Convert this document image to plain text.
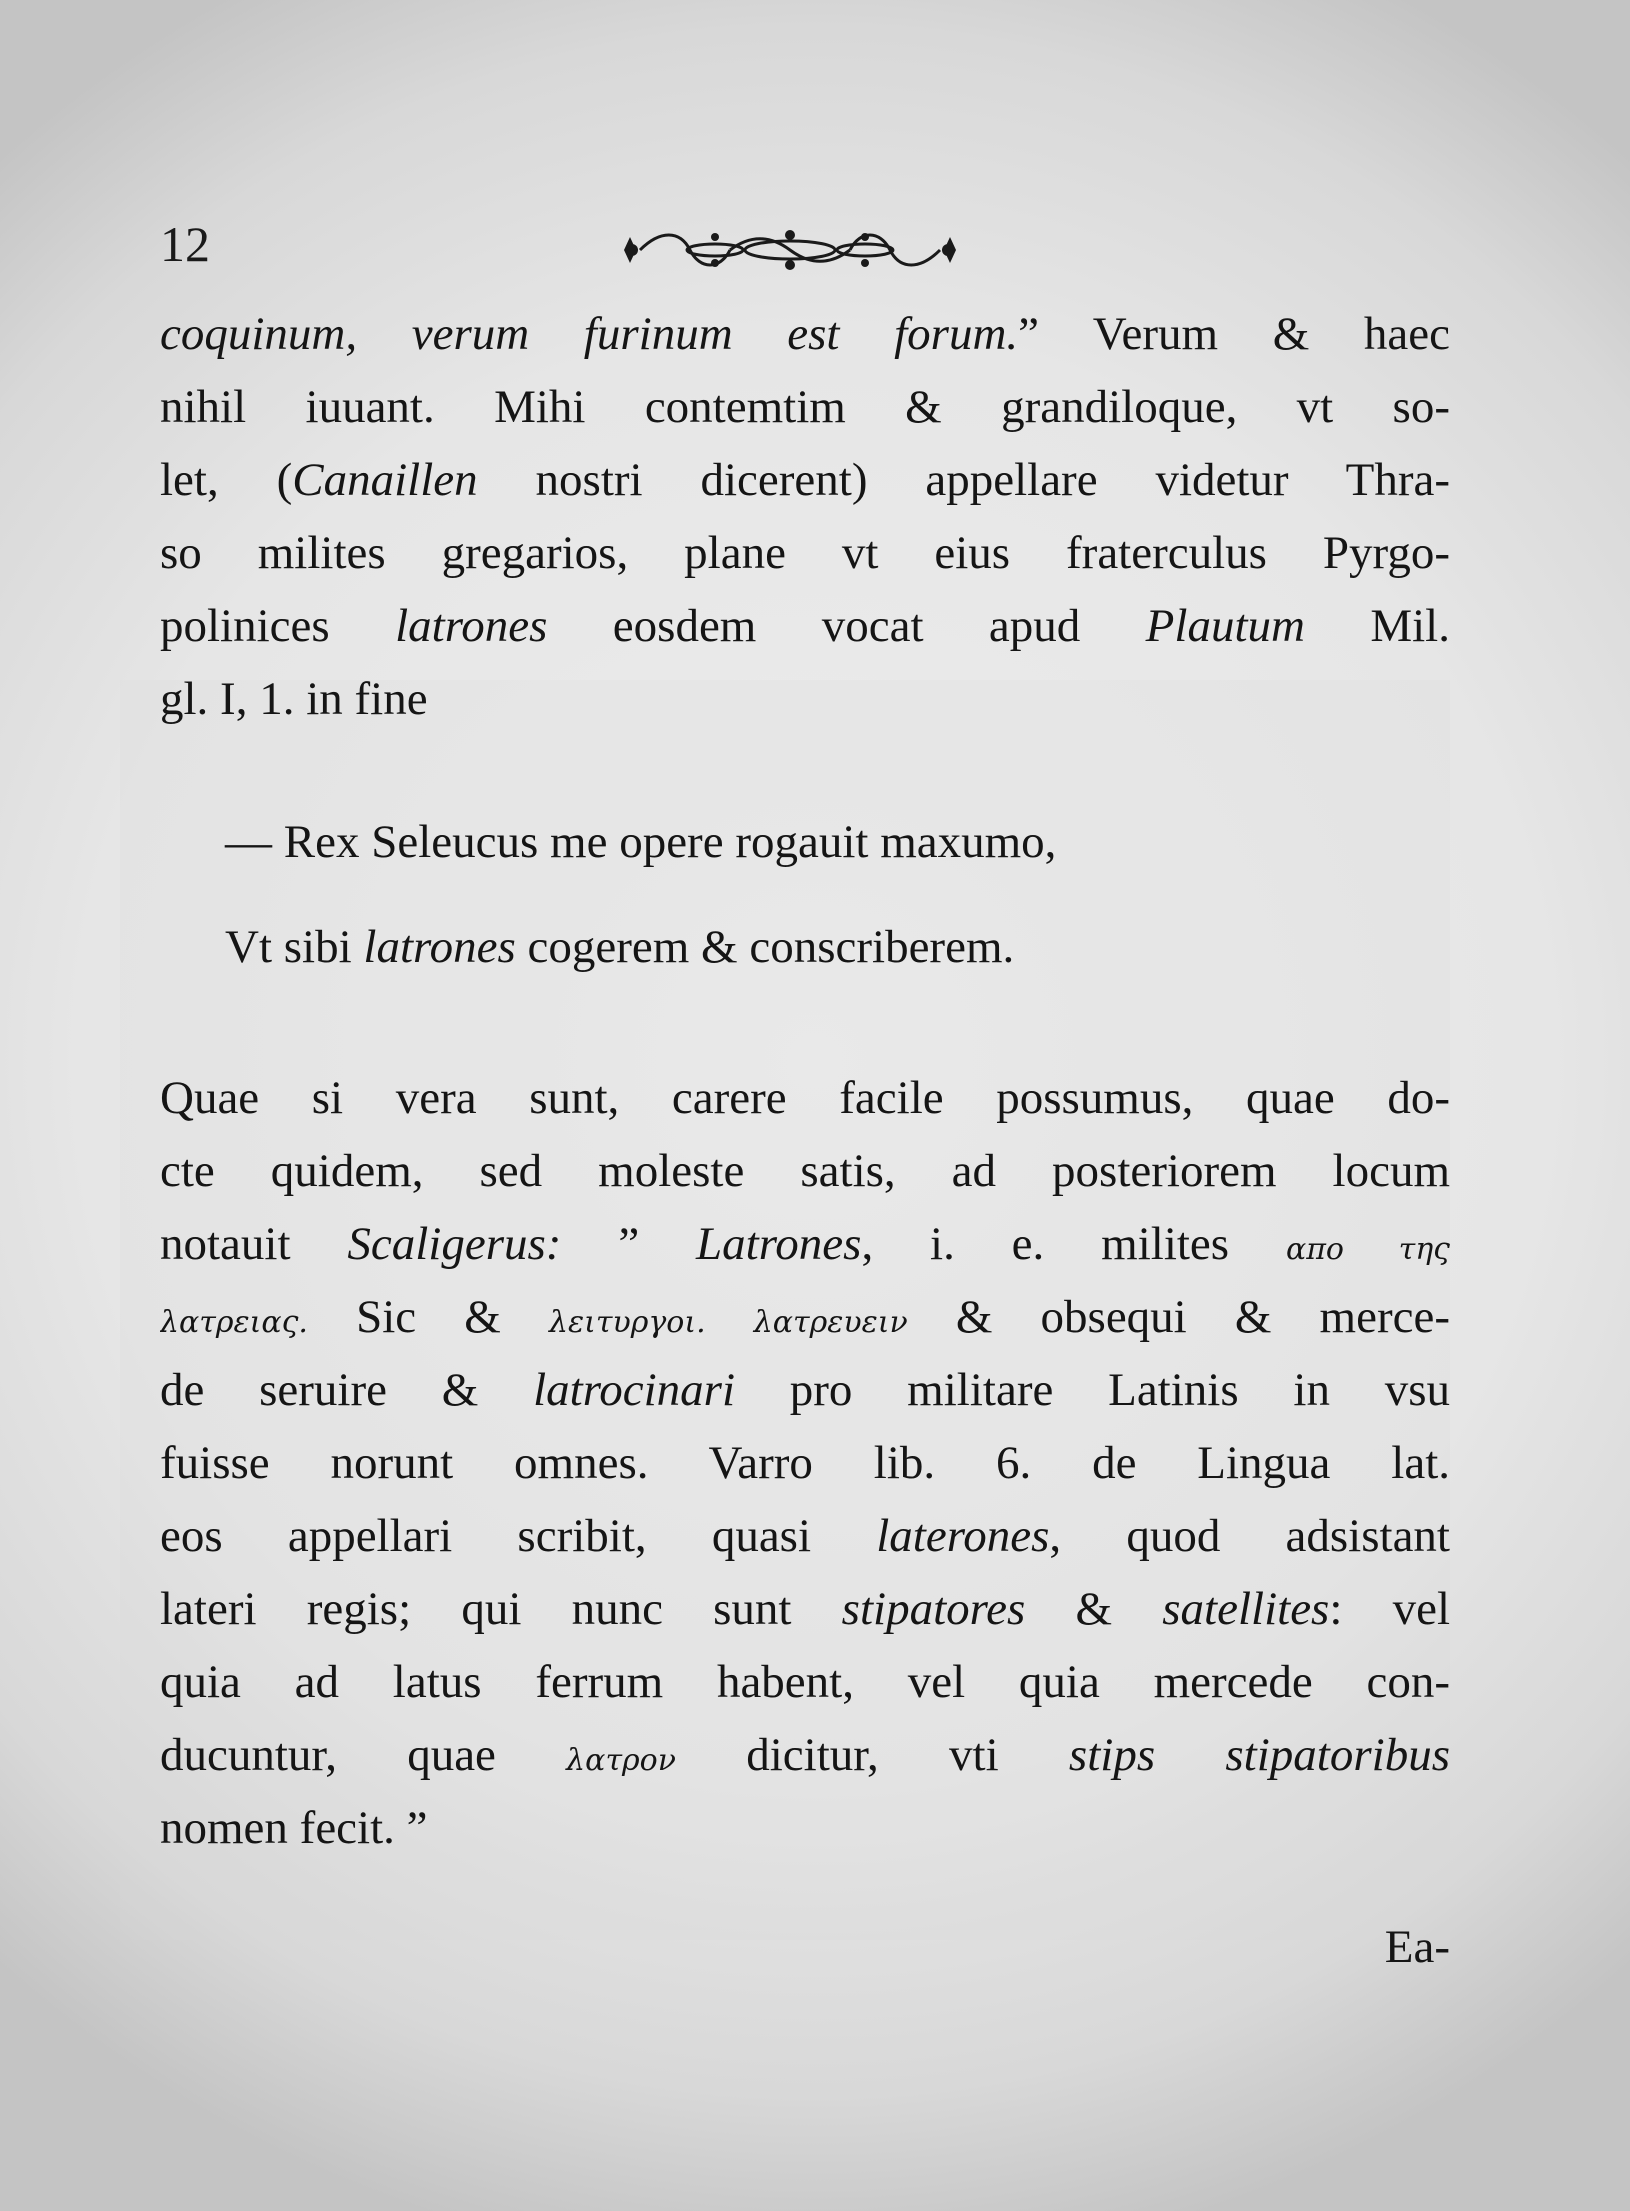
12
coquinum, verum furinum est forum.” Verum & haec
nihil iuuant. Mihi contemtim & grandiloque, vt so-
let, (Canaillen nostri dicerent) appellare videtur Thra-
so milites gregarios, plane vt eius fraterculus Pyrgo-
polinices latrones eosdem vocat apud Plautum Mil.
gl. I, 1. in fine
— Rex Seleucus me opere rogauit maxumo,
Vt sibi latrones cogerem & conscriberem.
Quae si vera sunt, carere facile possumus, quae do-
cte quidem, sed moleste satis, ad posteriorem locum
notauit Scaligerus: ” Latrones, i. e. milites απο της
λατρειας. Sic & λειτυργοι. λατρευειν & obsequi & merce-
de seruire & latrocinari pro militare Latinis in vsu
fuisse norunt omnes. Varro lib. 6. de Lingua lat.
eos appellari scribit, quasi laterones, quod adsistant
lateri regis; qui nunc sunt stipatores & satellites: vel
quia ad latus ferrum habent, vel quia mercede con-
ducuntur, quae λατρον dicitur, vti stips stipatoribus
nomen fecit. ”
Ea-
